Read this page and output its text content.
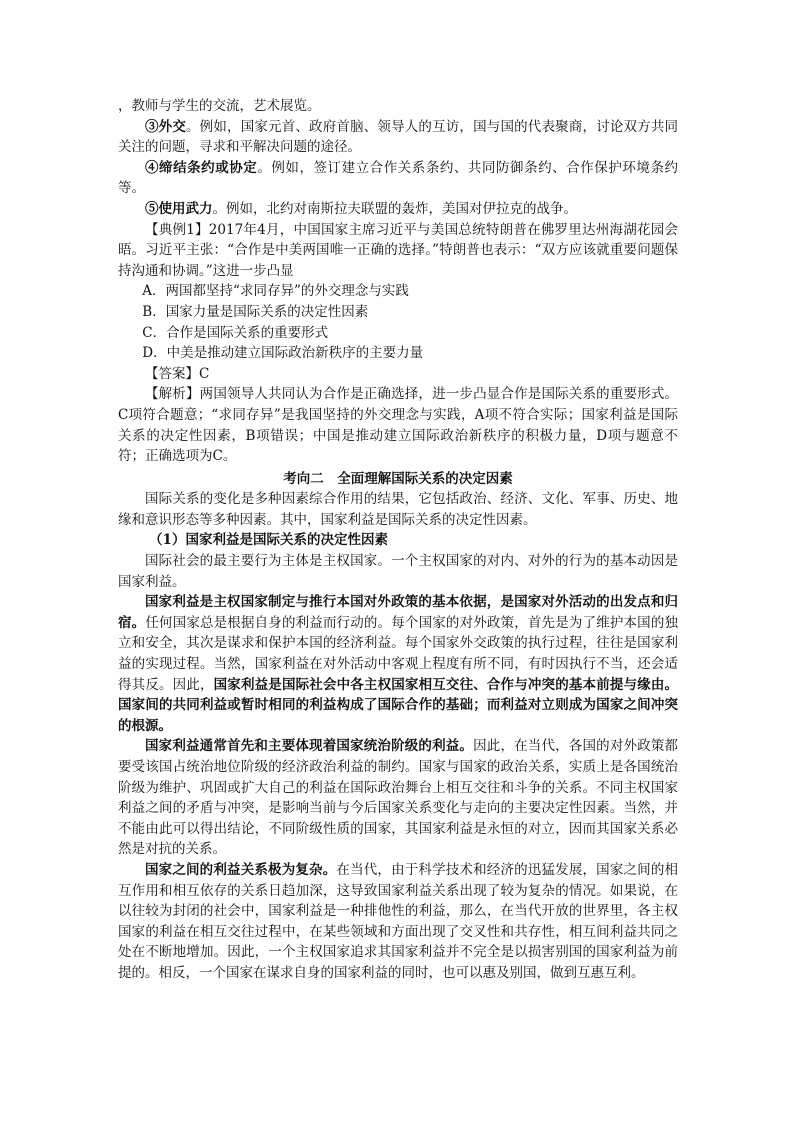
，教师与学生的交流，艺术展览。

③外交。例如，国家元首、政府首脑、领导人的互访，国与国的代表聚商，讨论双方共同关注的问题，寻求和平解决问题的途径。

④缔结条约或协定。例如，签订建立合作关系条约、共同防御条约、合作保护环境条约等。

⑤使用武力。例如，北约对南斯拉夫联盟的轰炸，美国对伊拉克的战争。

【典例1】2017年4月，中国国家主席习近平与美国总统特朗普在佛罗里达州海湖花园会晤。习近平主张：“合作是中美两国唯一正确的选择。”特朗普也表示：“双方应该就重要问题保持沟通和协调。”这进一步凸显

A．两国都坚持“求同存异”的外交理念与实践

B．国家力量是国际关系的决定性因素

C．合作是国际关系的重要形式

D．中美是推动建立国际政治新秩序的主要力量

【答案】C

【解析】两国领导人共同认为合作是正确选择，进一步凸显合作是国际关系的重要形式。C项符合题意；“求同存异”是我国坚持的外交理念与实践，A项不符合实际；国家利益是国际关系的决定性因素，B项错误；中国是推动建立国际政治新秩序的积极力量，D项与题意不符；正确选项为C。

考向二　全面理解国际关系的决定因素

国际关系的变化是多种因素综合作用的结果，它包括政治、经济、文化、军事、历史、地缘和意识形态等多种因素。其中，国家利益是国际关系的决定性因素。

（1）国家利益是国际关系的决定性因素

国际社会的最主要行为主体是主权国家。一个主权国家的对内、对外的行为的基本动因是国家利益。

国家利益是主权国家制定与推行本国对外政策的基本依据，是国家对外活动的出发点和归宿。任何国家总是根据自身的利益而行动的。每个国家的对外政策，首先是为了维护本国的独立和安全，其次是谋求和保护本国的经济利益。每个国家外交政策的执行过程，往往是国家利益的实现过程。当然，国家利益在对外活动中客观上程度有所不同，有时因执行不当，还会适得其反。因此，国家利益是国际社会中各主权国家相互交往、合作与冲突的基本前提与缘由。国家间的共同利益或暂时相同的利益构成了国际合作的基础；而利益对立则成为国家之间冲突的根源。

国家利益通常首先和主要体现着国家统治阶级的利益。因此，在当代，各国的对外政策都要受该国占统治地位阶级的经济政治利益的制约。国家与国家的政治关系，实质上是各国统治阶级为维护、巩固或扩大自己的利益在国际政治舞台上相互交往和斗争的关系。不同主权国家利益之间的矛盾与冲突，是影响当前与今后国家关系变化与走向的主要决定性因素。当然，并不能由此可以得出结论，不同阶级性质的国家，其国家利益是永恒的对立，因而其国家关系必然是对抗的关系。

国家之间的利益关系极为复杂。在当代，由于科学技术和经济的迅猛发展，国家之间的相互作用和相互依存的关系日趋加深，这导致国家利益关系出现了较为复杂的情况。如果说，在以往较为封闭的社会中，国家利益是一种排他性的利益，那么，在当代开放的世界里，各主权国家的利益在相互交往过程中，在某些领域和方面出现了交叉性和共存性，相互间利益共同之处在不断地增加。因此，一个主权国家追求其国家利益并不完全是以损害别国的国家利益为前提的。相反，一个国家在谋求自身的国家利益的同时，也可以惠及别国，做到互惠互利。
